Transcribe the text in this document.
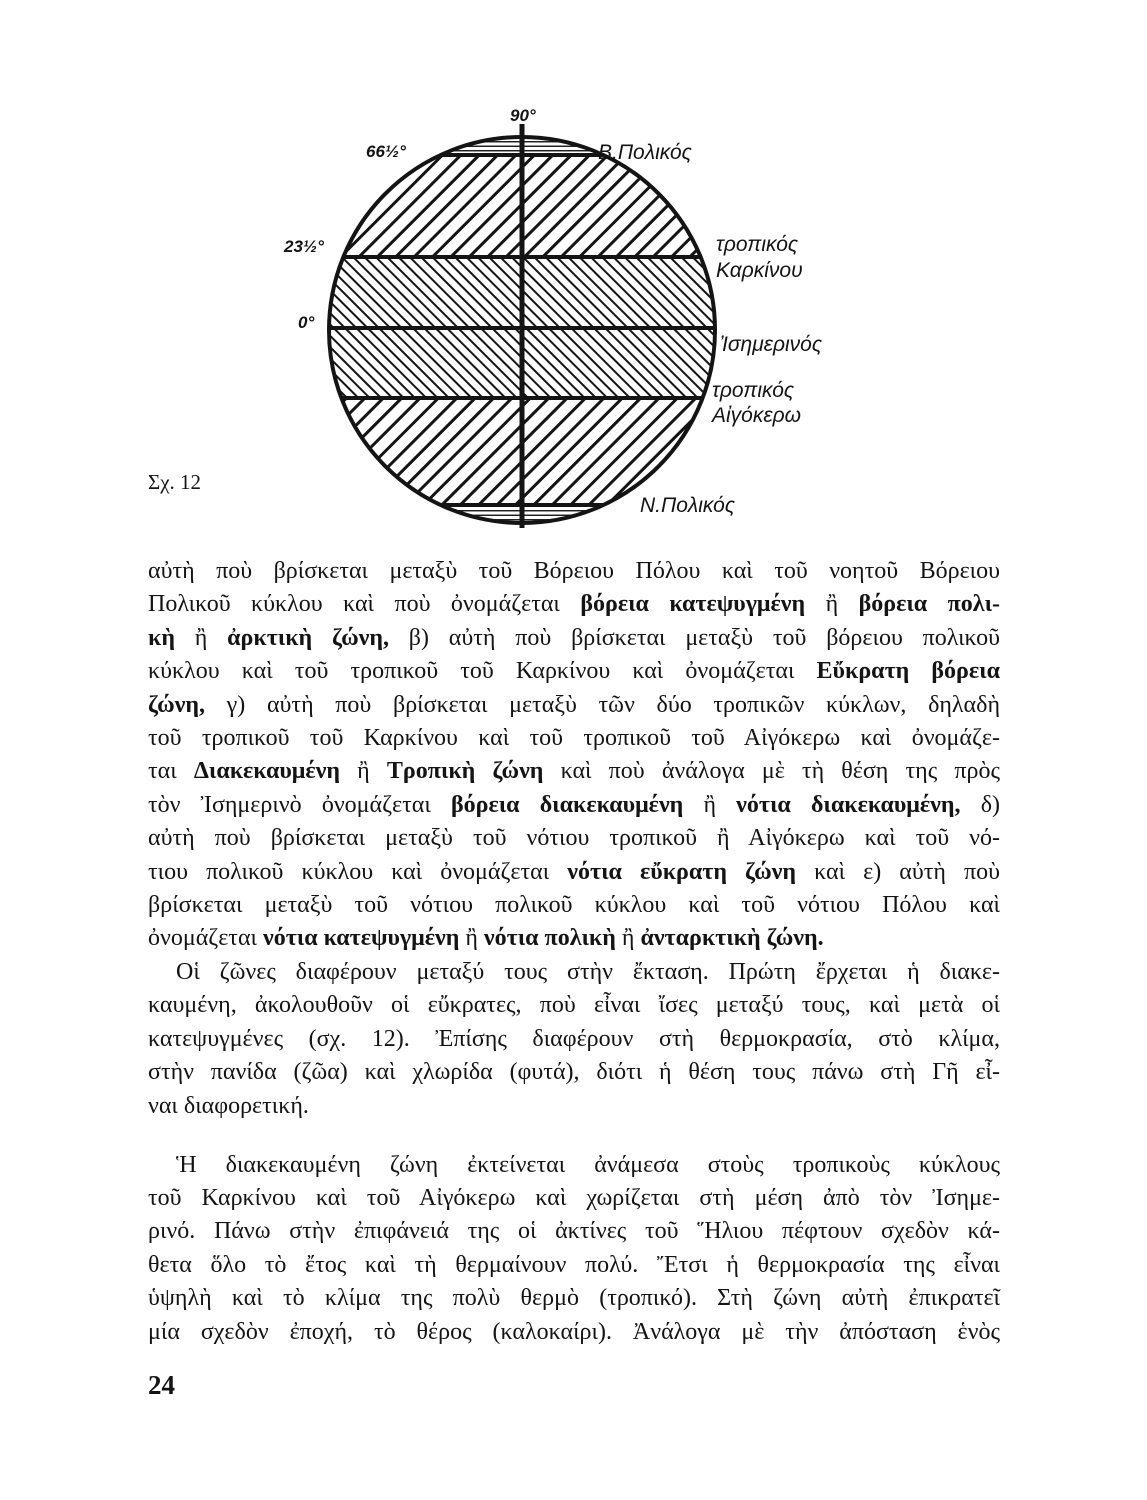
90°
66½°
23½°
0°
Β.Πολικός
τροπικός
Καρκίνου
Ἰσημερινός
τροπικός
Αἰγόκερω
Ν.Πολικός
Σχ. 12
αὐτὴ ποὺ βρίσκεται μεταξὺ τοῦ Βόρειου Πόλου καὶ τοῦ νοητοῦ Βόρειου
Πολικοῦ κύκλου καὶ ποὺ ὀνομάζεται βόρεια κατεψυγμένη ἢ βόρεια πολι-
κὴ ἢ ἀρκτικὴ ζώνη, β) αὐτὴ ποὺ βρίσκεται μεταξὺ τοῦ βόρειου πολικοῦ
κύκλου καὶ τοῦ τροπικοῦ τοῦ Καρκίνου καὶ ὀνομάζεται Εὔκρατη βόρεια
ζώνη, γ) αὐτὴ ποὺ βρίσκεται μεταξὺ τῶν δύο τροπικῶν κύκλων, δηλαδὴ
τοῦ τροπικοῦ τοῦ Καρκίνου καὶ τοῦ τροπικοῦ τοῦ Αἰγόκερω καὶ ὀνομάζε-
ται Διακεκαυμένη ἢ Τροπικὴ ζώνη καὶ ποὺ ἀνάλογα μὲ τὴ θέση της πρὸς
τὸν Ἰσημερινὸ ὀνομάζεται βόρεια διακεκαυμένη ἢ νότια διακεκαυμένη, δ)
αὐτὴ ποὺ βρίσκεται μεταξὺ τοῦ νότιου τροπικοῦ ἢ Αἰγόκερω καὶ τοῦ νό-
τιου πολικοῦ κύκλου καὶ ὀνομάζεται νότια εὔκρατη ζώνη καὶ ε) αὐτὴ ποὺ
βρίσκεται μεταξὺ τοῦ νότιου πολικοῦ κύκλου καὶ τοῦ νότιου Πόλου καὶ
ὀνομάζεται νότια κατεψυγμένη ἢ νότια πολικὴ ἢ ἀνταρκτικὴ ζώνη.
Οἱ ζῶνες διαφέρουν μεταξύ τους στὴν ἔκταση. Πρώτη ἔρχεται ἡ διακε-
καυμένη, ἀκολουθοῦν οἱ εὔκρατες, ποὺ εἶναι ἴσες μεταξύ τους, καὶ μετὰ οἱ
κατεψυγμένες (σχ. 12). Ἐπίσης διαφέρουν στὴ θερμοκρασία, στὸ κλίμα,
στὴν πανίδα (ζῶα) καὶ χλωρίδα (φυτά), διότι ἡ θέση τους πάνω στὴ Γῆ εἶ-
ναι διαφορετική.
Ἡ διακεκαυμένη ζώνη ἐκτείνεται ἀνάμεσα στοὺς τροπικοὺς κύκλους
τοῦ Καρκίνου καὶ τοῦ Αἰγόκερω καὶ χωρίζεται στὴ μέση ἀπὸ τὸν Ἰσημε-
ρινό. Πάνω στὴν ἐπιφάνειά της οἱ ἀκτίνες τοῦ Ἥλιου πέφτουν σχεδὸν κά-
θετα ὅλο τὸ ἔτος καὶ τὴ θερμαίνουν πολύ. Ἔτσι ἡ θερμοκρασία της εἶναι
ὑψηλὴ καὶ τὸ κλίμα της πολὺ θερμὸ (τροπικό). Στὴ ζώνη αὐτὴ ἐπικρατεῖ
μία σχεδὸν ἐποχή, τὸ θέρος (καλοκαίρι). Ἀνάλογα μὲ τὴν ἀπόσταση ἑνὸς
24
